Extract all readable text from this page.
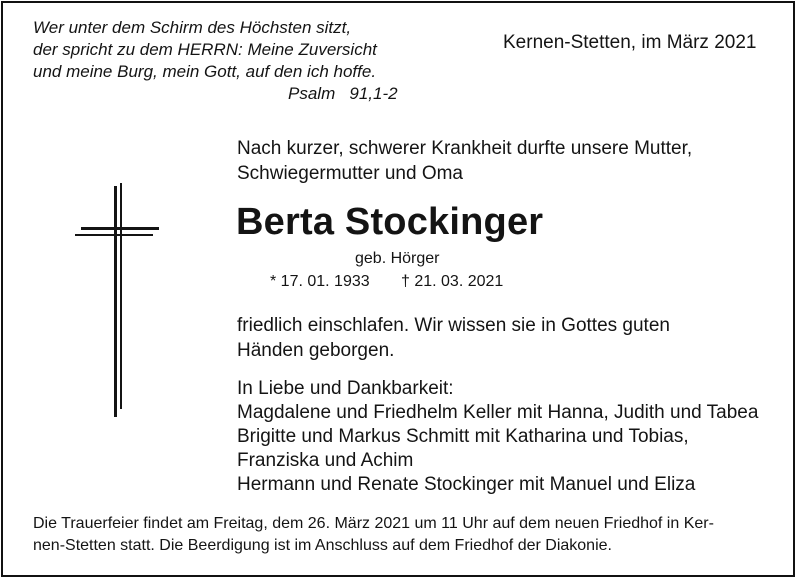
Wer unter dem Schirm des Höchsten sitzt,
der spricht zu dem HERRN: Meine Zuversicht
und meine Burg, mein Gott, auf den ich hoffe.
Psalm   91,1-2
Kernen-Stetten, im März 2021
Nach kurzer, schwerer Krankheit durfte unsere Mutter,
Schwiegermutter und Oma
Berta Stockinger
geb. Hörger
* 17. 01. 1933 † 21. 03. 2021
friedlich einschlafen. Wir wissen sie in Gottes guten
Händen geborgen.
In Liebe und Dankbarkeit:
Magdalene und Friedhelm Keller mit Hanna, Judith und Tabea
Brigitte und Markus Schmitt mit Katharina und Tobias,
Franziska und Achim
Hermann und Renate Stockinger mit Manuel und Eliza
Die Trauerfeier findet am Freitag, dem 26. März 2021 um 11 Uhr auf dem neuen Friedhof in Ker-
nen-Stetten statt. Die Beerdigung ist im Anschluss auf dem Friedhof der Diakonie.
